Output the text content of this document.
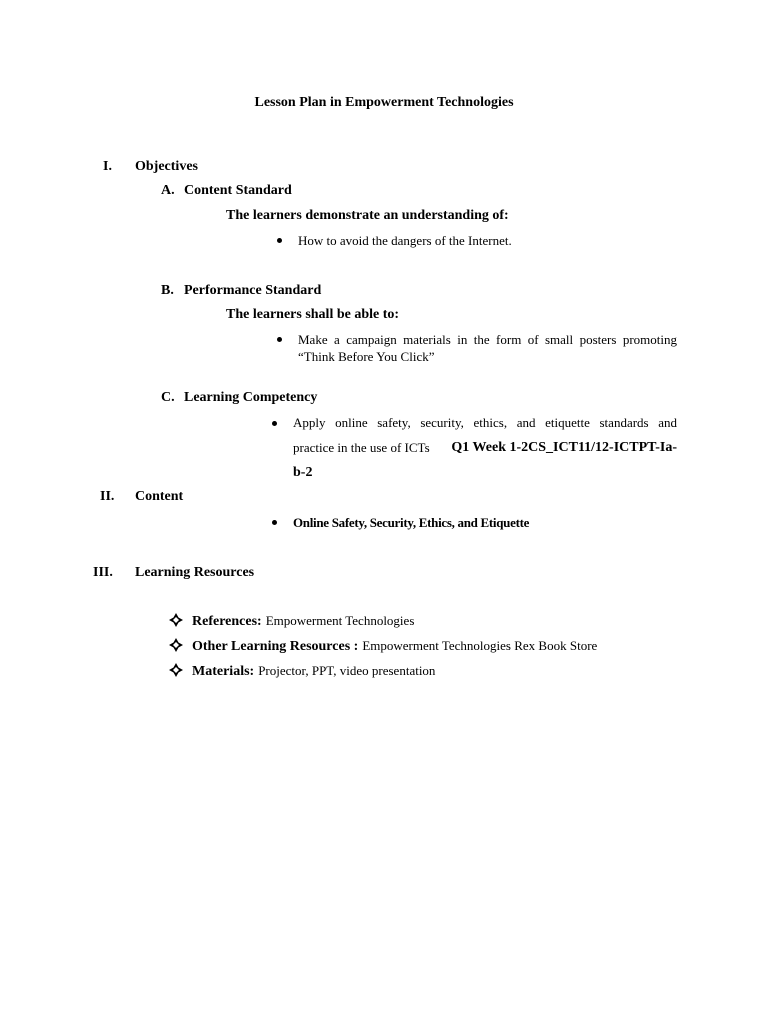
Lesson Plan in Empowerment Technologies
I. Objectives
A. Content Standard
The learners demonstrate an understanding of:
How to avoid the dangers of the Internet.
B. Performance Standard
The learners shall be able to:
Make a campaign materials in the form of small posters promoting
“Think Before You Click”
C. Learning Competency
Apply online safety, security, ethics, and etiquette standards and
practice in the use of ICTs Q1 Week 1-2CS_ICT11/12-ICTPT-Ia-
b-2
II. Content
Online Safety, Security, Ethics, and Etiquette
III. Learning Resources
References: Empowerment Technologies
Other Learning Resources : Empowerment Technologies Rex Book Store
Materials: Projector, PPT, video presentation
